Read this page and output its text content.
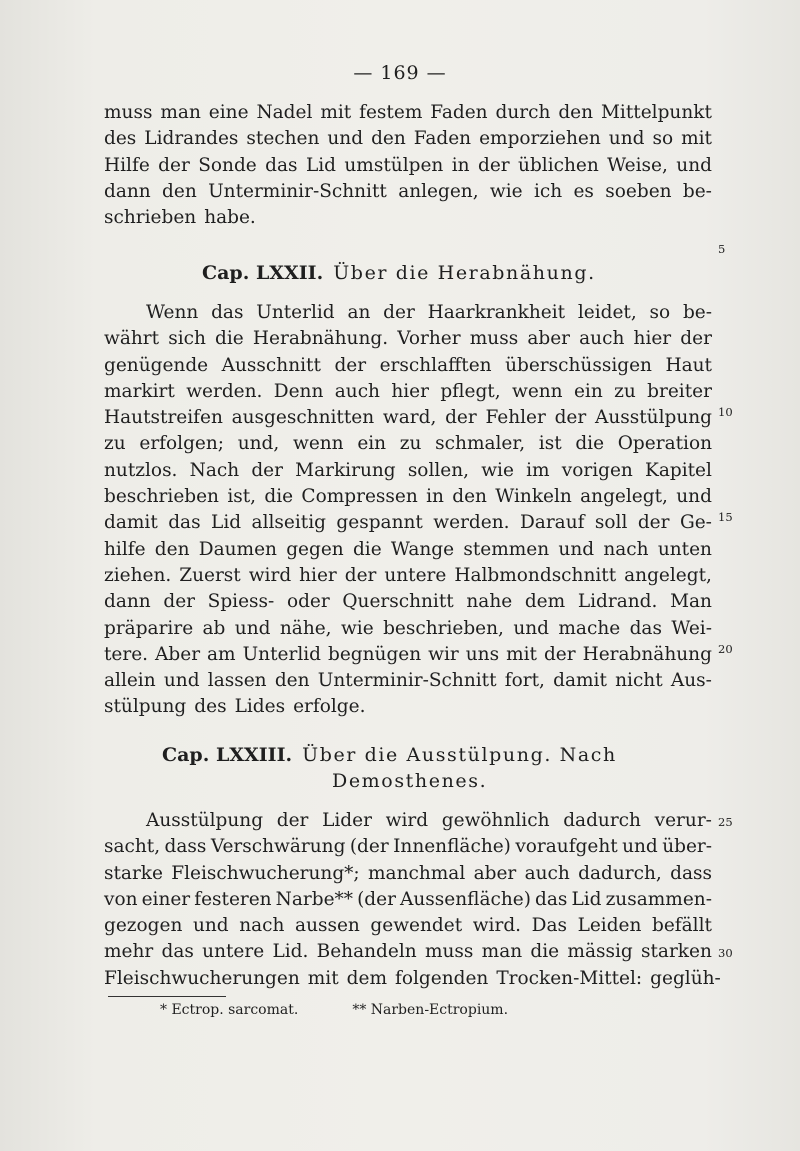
— 169 —
muss man eine Nadel mit festem Faden durch den Mittelpunkt
des Lidrandes stechen und den Faden emporziehen und so mit
Hilfe der Sonde das Lid umstülpen in der üblichen Weise, und
dann den Unterminir-Schnitt anlegen, wie ich es soeben be-
schrieben habe.
Cap. LXXII. Über die Herabnähung.
Wenn das Unterlid an der Haarkrankheit leidet, so be-
währt sich die Herabnähung. Vorher muss aber auch hier der
genügende Ausschnitt der erschlafften überschüssigen Haut
markirt werden. Denn auch hier pflegt, wenn ein zu breiter
Hautstreifen ausgeschnitten ward, der Fehler der Ausstülpung
zu erfolgen; und, wenn ein zu schmaler, ist die Operation
nutzlos. Nach der Markirung sollen, wie im vorigen Kapitel
beschrieben ist, die Compressen in den Winkeln angelegt, und
damit das Lid allseitig gespannt werden. Darauf soll der Ge-
hilfe den Daumen gegen die Wange stemmen und nach unten
ziehen. Zuerst wird hier der untere Halbmondschnitt angelegt,
dann der Spiess- oder Querschnitt nahe dem Lidrand. Man
präparire ab und nähe, wie beschrieben, und mache das Wei-
tere. Aber am Unterlid begnügen wir uns mit der Herabnähung
allein und lassen den Unterminir-Schnitt fort, damit nicht Aus-
stülpung des Lides erfolge.
Cap. LXXIII. Über die Ausstülpung. Nach
Demosthenes.
Ausstülpung der Lider wird gewöhnlich dadurch verur-
sacht, dass Verschwärung (der Innenfläche) voraufgeht und über-
starke Fleischwucherung*; manchmal aber auch dadurch, dass
von einer festeren Narbe** (der Aussenfläche) das Lid zusammen-
gezogen und nach aussen gewendet wird. Das Leiden befällt
mehr das untere Lid. Behandeln muss man die mässig starken
Fleischwucherungen mit dem folgenden Trocken-Mittel: geglüh-
5
10
15
20
25
30
* Ectrop. sarcomat.	** Narben-Ectropium.
